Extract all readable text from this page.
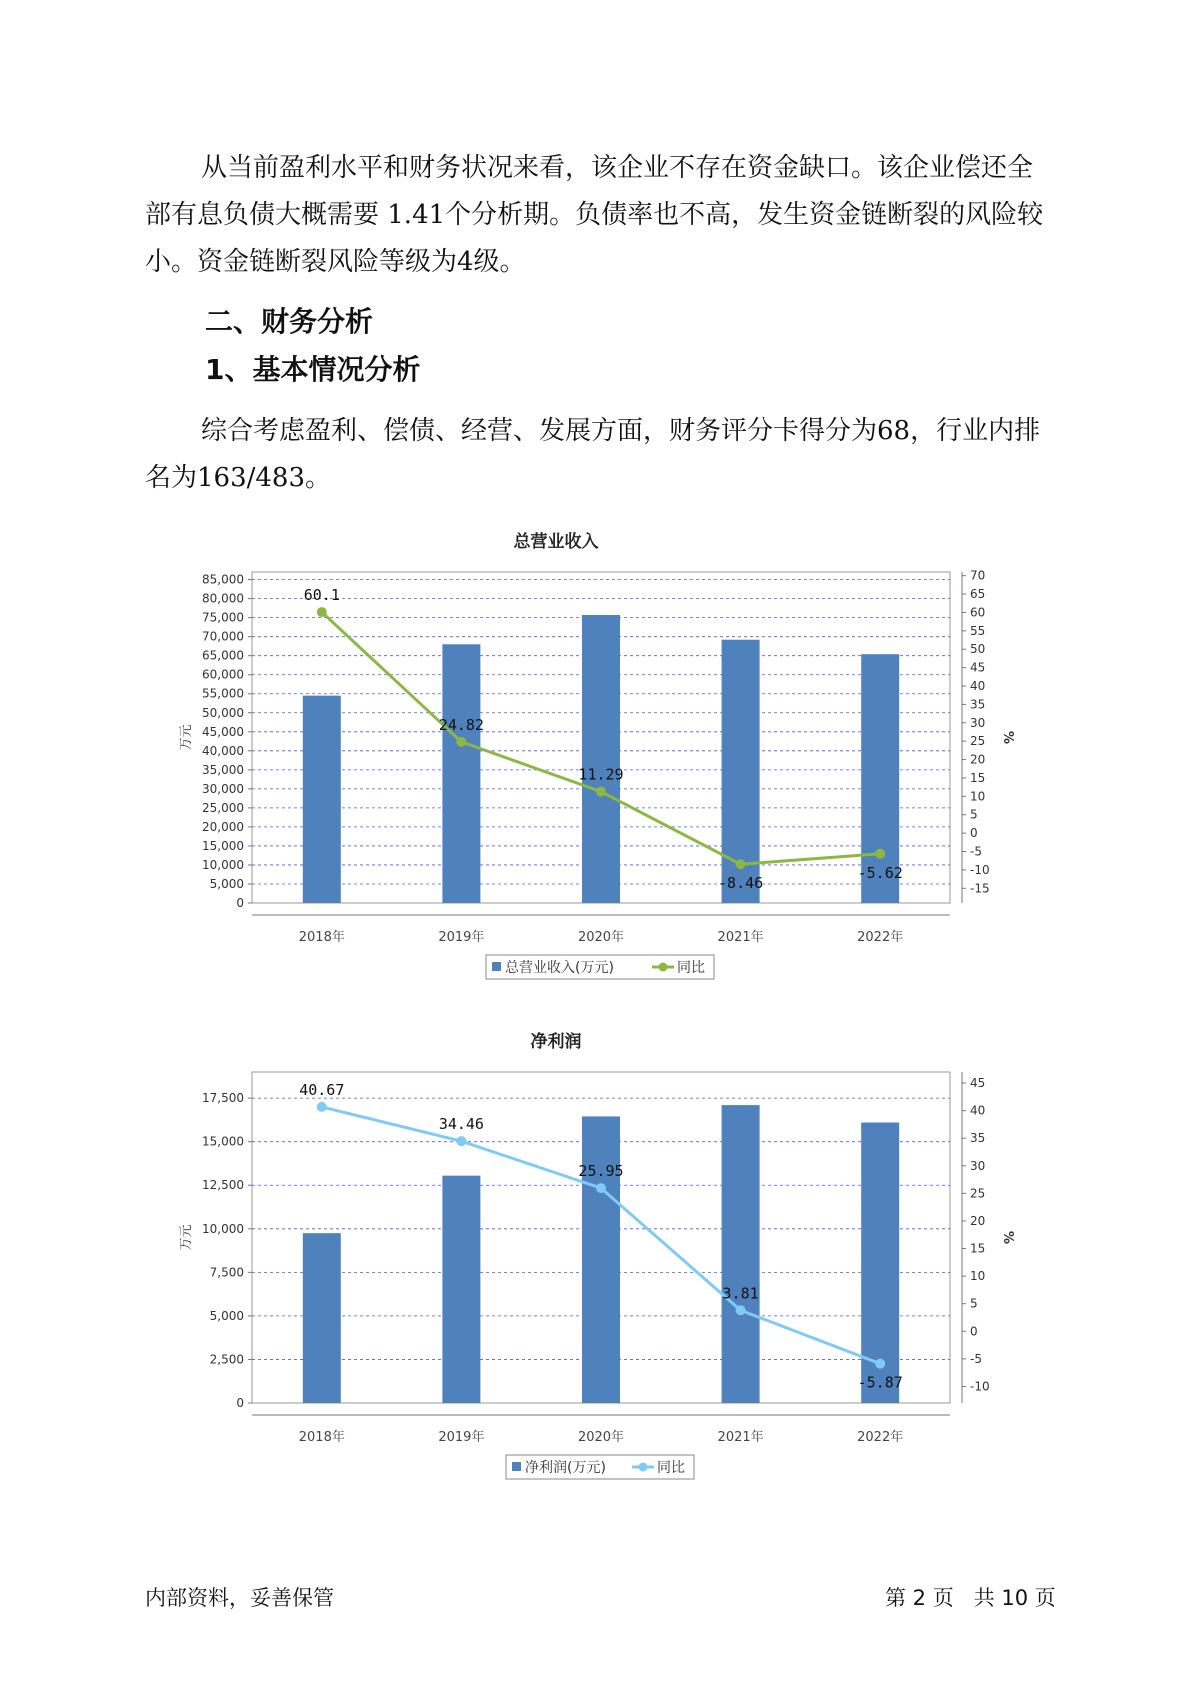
从当前盈利水平和财务状况来看，该企业不存在资金缺口。该企业偿还全部有息负债大概需要 1.41个分析期。负债率也不高，发生资金链断裂的风险较小。资金链断裂风险等级为4级。
二、财务分析
1、基本情况分析
综合考虑盈利、偿债、经营、发展方面，财务评分卡得分为68，行业内排名为163/483。
总营业收入
0
5,000
10,000
15,000
20,000
25,000
30,000
35,000
40,000
45,000
50,000
55,000
60,000
65,000
70,000
75,000
80,000
85,000
-15
-10
-5
0
5
10
15
20
25
30
35
40
45
50
55
60
65
70
万元	%
2018年	2019年	2020年	2021年	2022年
60.1
24.82
11.29
-8.46
-5.62
总营业收入(万元)	同比
净利润
0
2,500
5,000
7,500
10,000
12,500
15,000
17,500
-10
-5
0
5
10
15
20
25
30
35
40
45
万元	%
2018年	2019年	2020年	2021年	2022年
40.67
34.46
25.95
3.81
-5.87
净利润(万元)	同比
内部资料，妥善保管	第 2 页   共 10 页
